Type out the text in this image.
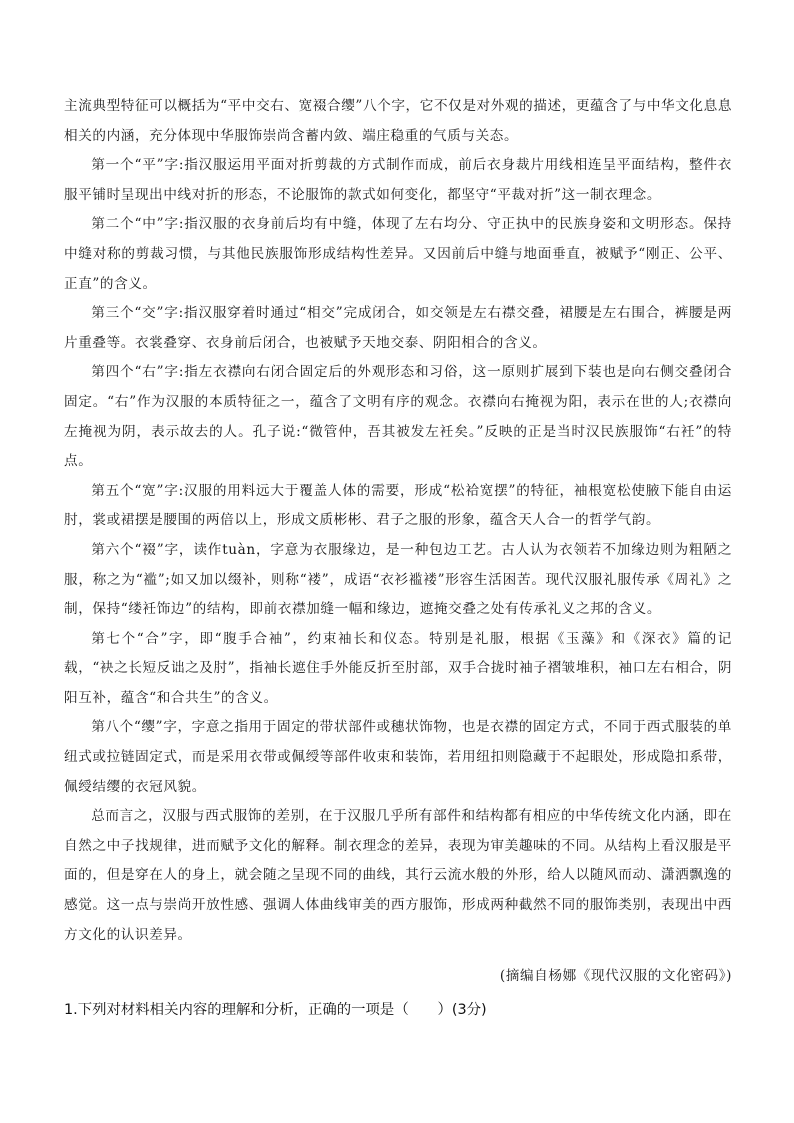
主流典型特征可以概括为“平中交右、宽裰合缨”八个字，它不仅是对外观的描述，更蕴含了与中华文化息息相关的内涵，充分体现中华服饰崇尚含蓄内敛、端庄稳重的气质与关态。

第一个“平”字:指汉服运用平面对折剪裁的方式制作而成，前后衣身裁片用线相连呈平面结构，整件衣服平铺时呈现出中线对折的形态，不论服饰的款式如何变化，都坚守“平裁对折”这一制衣理念。

第二个“中”字:指汉服的衣身前后均有中缝，体现了左右均分、守正执中的民族身姿和文明形态。保持中缝对称的剪裁习惯，与其他民族服饰形成结构性差异。又因前后中缝与地面垂直，被赋予“刚正、公平、正直”的含义。

第三个“交”字:指汉服穿着时通过“相交”完成闭合，如交领是左右襟交叠，裙腰是左右围合，裤腰是两片重叠等。衣裳叠穿、衣身前后闭合，也被赋予天地交泰、阴阳相合的含义。

第四个“右”字:指左衣襟向右闭合固定后的外观形态和习俗，这一原则扩展到下装也是向右侧交叠闭合固定。“右”作为汉服的本质特征之一，蕴含了文明有序的观念。衣襟向右掩视为阳，表示在世的人;衣襟向左掩视为阴，表示故去的人。孔子说:“微管仲，吾其被发左衽矣。”反映的正是当时汉民族服饰“右衽”的特点。

第五个“宽”字:汉服的用料远大于覆盖人体的需要，形成“松袷宽摆”的特征，袖根宽松使腋下能自由运肘，裳或裙摆是腰围的两倍以上，形成文质彬彬、君子之服的形象，蕴含天人合一的哲学气韵。

第六个“裰”字，读作tuàn，字意为衣服缘边，是一种包边工艺。古人认为衣领若不加缘边则为粗陋之服，称之为“褴”;如又加以缀补，则称“褛”，成语“衣衫褴褛”形容生活困苦。现代汉服礼服传承《周礼》之制，保持“缕衽饰边”的结构，即前衣襟加缝一幅和缘边，遮掩交叠之处有传承礼义之邦的含义。

第七个“合”字，即“腹手合袖”，约束袖长和仪态。特别是礼服，根据《玉藻》和《深衣》篇的记载，“袂之长短反诎之及肘”，指袖长遮住手外能反折至肘部，双手合拢时袖子褶皱堆积，袖口左右相合，阴阳互补，蕴含“和合共生”的含义。

第八个“缨”字，字意之指用于固定的带状部件或穗状饰物，也是衣襟的固定方式，不同于西式服装的单纽式或拉链固定式，而是采用衣带或佩绶等部件收束和装饰，若用纽扣则隐藏于不起眼处，形成隐扣系带，佩绶结缨的衣冠风貌。

总而言之，汉服与西式服饰的差别，在于汉服几乎所有部件和结构都有相应的中华传统文化内涵，即在自然之中子找规律，进而赋予文化的解释。制衣理念的差异，表现为审美趣味的不同。从结构上看汉服是平面的，但是穿在人的身上，就会随之呈现不同的曲线，其行云流水般的外形，给人以随风而动、潇洒飘逸的感觉。这一点与崇尚开放性感、强调人体曲线审美的西方服饰，形成两种截然不同的服饰类别，表现出中西方文化的认识差异。

(摘编自杨娜《现代汉服的文化密码》)
1.下列对材料相关内容的理解和分析，正确的一项是（　　）(3分)
